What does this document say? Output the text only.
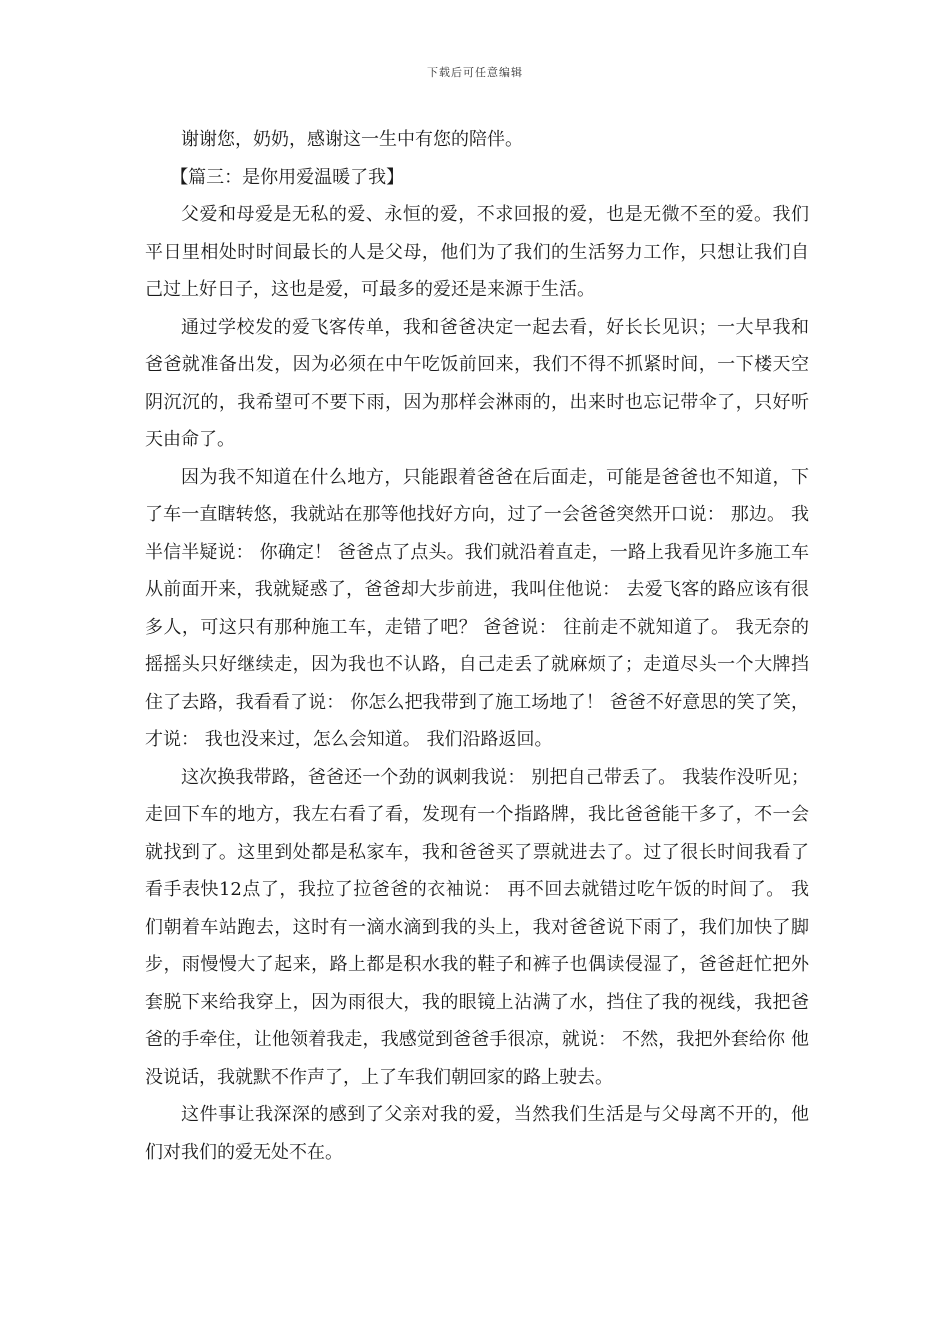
下载后可任意编辑

谢谢您，奶奶，感谢这一生中有您的陪伴。

【篇三：是你用爱温暖了我】

父爱和母爱是无私的爱、永恒的爱，不求回报的爱，也是无微不至的爱。我们平日里相处时时间最长的人是父母，他们为了我们的生活努力工作，只想让我们自己过上好日子，这也是爱，可最多的爱还是来源于生活。

通过学校发的爱飞客传单，我和爸爸决定一起去看，好长长见识；一大早我和爸爸就准备出发，因为必须在中午吃饭前回来，我们不得不抓紧时间，一下楼天空阴沉沉的，我希望可不要下雨，因为那样会淋雨的，出来时也忘记带伞了，只好听天由命了。

因为我不知道在什么地方，只能跟着爸爸在后面走，可能是爸爸也不知道，下了车一直瞎转悠，我就站在那等他找好方向，过了一会爸爸突然开口说： 那边。 我半信半疑说： 你确定！ 爸爸点了点头。我们就沿着直走，一路上我看见许多施工车从前面开来，我就疑惑了，爸爸却大步前进，我叫住他说： 去爱飞客的路应该有很多人，可这只有那种施工车，走错了吧？ 爸爸说： 往前走不就知道了。 我无奈的摇摇头只好继续走，因为我也不认路，自己走丢了就麻烦了；走道尽头一个大牌挡住了去路，我看看了说： 你怎么把我带到了施工场地了！ 爸爸不好意思的笑了笑，才说： 我也没来过，怎么会知道。 我们沿路返回。

这次换我带路，爸爸还一个劲的讽刺我说： 别把自己带丢了。 我装作没听见；走回下车的地方，我左右看了看，发现有一个指路牌，我比爸爸能干多了，不一会就找到了。这里到处都是私家车，我和爸爸买了票就进去了。过了很长时间我看了看手表快12点了，我拉了拉爸爸的衣袖说： 再不回去就错过吃午饭的时间了。 我们朝着车站跑去，这时有一滴水滴到我的头上，我对爸爸说下雨了，我们加快了脚步，雨慢慢大了起来，路上都是积水我的鞋子和裤子也偶读侵湿了，爸爸赶忙把外套脱下来给我穿上，因为雨很大，我的眼镜上沾满了水，挡住了我的视线，我把爸爸的手牵住，让他领着我走，我感觉到爸爸手很凉，就说： 不然，我把外套给你 他没说话，我就默不作声了，上了车我们朝回家的路上驶去。

这件事让我深深的感到了父亲对我的爱，当然我们生活是与父母离不开的，他们对我们的爱无处不在。
